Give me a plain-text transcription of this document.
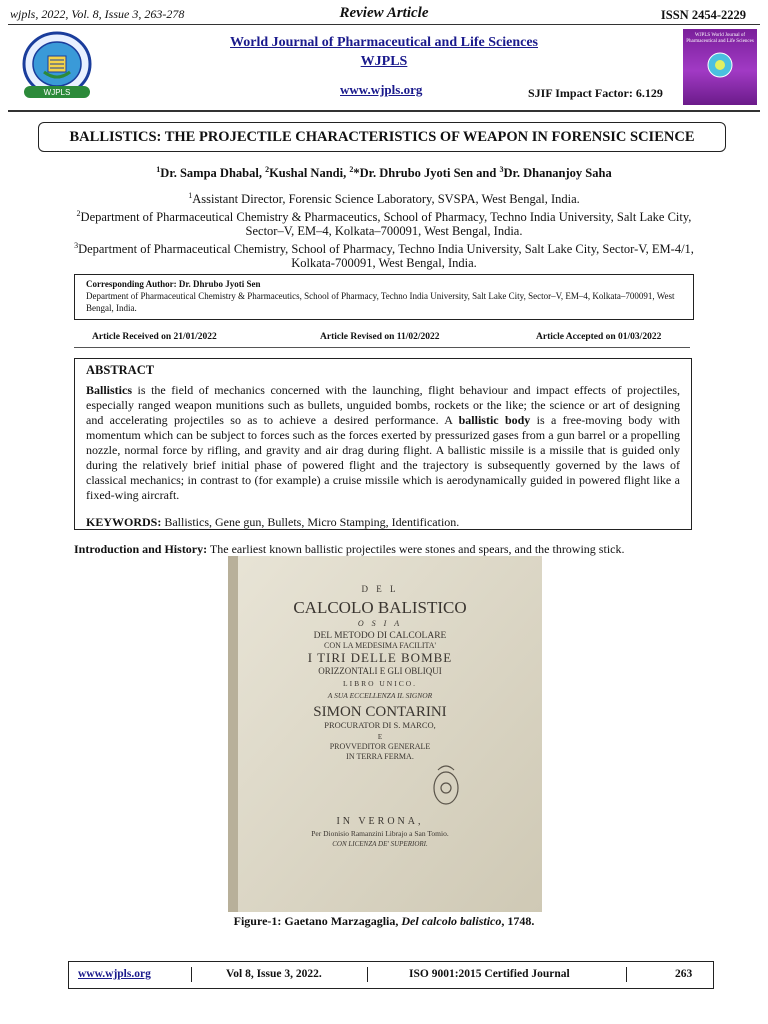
wjpls, 2022, Vol. 8, Issue 3, 263-278	Review Article	ISSN 2454-2229
WJPLS
World Journal of Pharmaceutical and Life Sciences
WJPLS
www.wjpls.org	SJIF Impact Factor: 6.129
WJPLS World Journal of Pharmaceutical and Life Sciences
BALLISTICS: THE PROJECTILE CHARACTERISTICS OF WEAPON IN FORENSIC SCIENCE
$^1$Dr. Sampa Dhabal, $^2$Kushal Nandi, $^2$*Dr. Dhrubo Jyoti Sen and $^3$Dr. Dhananjoy Saha

$^1$Assistant Director, Forensic Science Laboratory, SVSPA, West Bengal, India.

$^2$Department of Pharmaceutical Chemistry & Pharmaceutics, School of Pharmacy, Techno India University, Salt Lake City, Sector–V, EM–4, Kolkata–700091, West Bengal, India.

$^3$Department of Pharmaceutical Chemistry, School of Pharmacy, Techno India University, Salt Lake City, Sector-V, EM-4/1, Kolkata-700091, West Bengal, India.

Corresponding Author: Dr. Dhrubo Jyoti Sen
Department of Pharmaceutical Chemistry & Pharmaceutics, School of Pharmacy, Techno India University, Salt Lake City, Sector–V, EM–4, Kolkata–700091, West Bengal, India.
Article Received on 21/01/2022	Article Revised on 11/02/2022	Article Accepted on 01/03/2022
ABSTRACT

Ballistics is the field of mechanics concerned with the launching, flight behaviour and impact effects of projectiles, especially ranged weapon munitions such as bullets, unguided bombs, rockets or the like; the science or art of designing and accelerating projectiles so as to achieve a desired performance. A ballistic body is a free-moving body with momentum which can be subject to forces such as the forces exerted by pressurized gases from a gun barrel or a propelling nozzle, normal force by rifling, and gravity and air drag during flight. A ballistic missile is a missile that is guided only during the relatively brief initial phase of powered flight and the trajectory is subsequently governed by the laws of classical mechanics; in contrast to (for example) a cruise missile which is aerodynamically guided in powered flight like a fixed-wing aircraft.

KEYWORDS: Ballistics, Gene gun, Bullets, Micro Stamping, Identification.

Introduction and History: The earliest known ballistic projectiles were stones and spears, and the throwing stick.
D E L
CALCOLO BALISTICO
O S I A
DEL METODO DI CALCOLARE
CON LA MEDESIMA FACILITA'
I TIRI DELLE BOMBE
ORIZZONTALI E GLI OBLIQUI
LIBRO UNICO.
A SUA ECCELLENZA IL SIGNOR
SIMON CONTARINI
PROCURATOR DI S. MARCO,
E
PROVVEDITOR GENERALE
IN TERRA FERMA.
IN VERONA,
Per Dionisio Ramanzini Librajo a San Tomio.
CON LICENZA DE' SUPERIORI.
Figure-1: Gaetano Marzagaglia, Del calcolo balistico, 1748.
www.wjpls.org	Vol 8, Issue 3, 2022.	ISO 9001:2015 Certified Journal	263
